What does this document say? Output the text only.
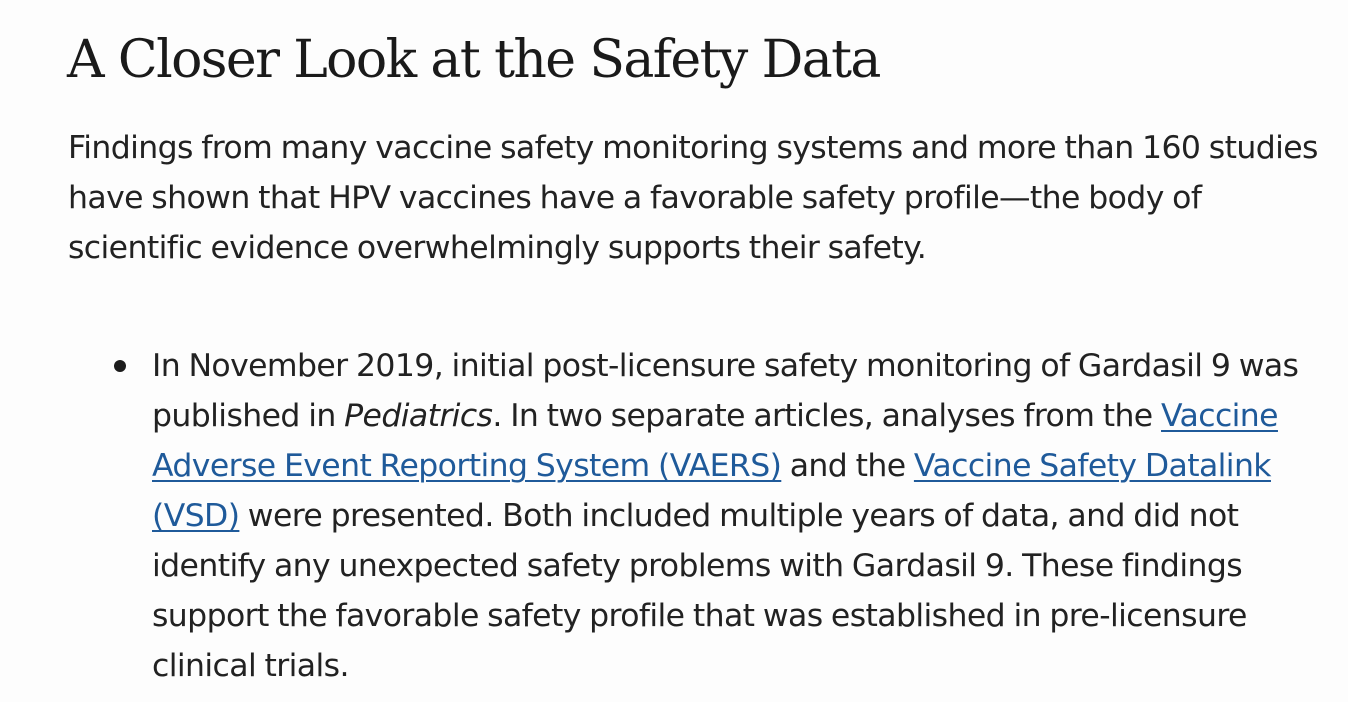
A Closer Look at the Safety Data

Findings from many vaccine safety monitoring systems and more than 160 studies have shown that HPV vaccines have a favorable safety profile—the body of scientific evidence overwhelmingly supports their safety.

In November 2019, initial post-licensure safety monitoring of Gardasil 9 was published in Pediatrics. In two separate articles, analyses from the Vaccine Adverse Event Reporting System (VAERS) and the Vaccine Safety Datalink (VSD) were presented. Both included multiple years of data, and did not identify any unexpected safety problems with Gardasil 9. These findings support the favorable safety profile that was established in pre-licensure clinical trials.
